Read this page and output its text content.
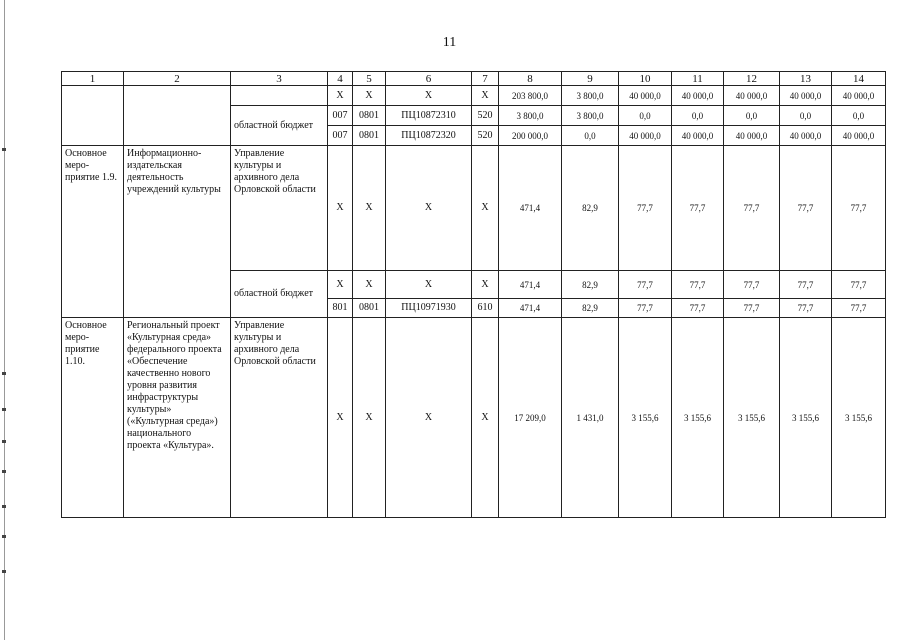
11
1	2	3	4	5	6	7	8	9	10	11	12	13	14
			Х	Х	Х	Х	203 800,0	3 800,0	40 000,0	40 000,0	40 000,0	40 000,0	40 000,0
		областной бюджет	007	0801	ПЦ10872310	520	3 800,0	3 800,0	0,0	0,0	0,0	0,0	0,0
			007	0801	ПЦ10872320	520	200 000,0	0,0	40 000,0	40 000,0	40 000,0	40 000,0	40 000,0
Основное меро-приятие 1.9.	Информационно-издательская деятельность учреждений культуры	Управление культуры и архивного дела Орловской области	Х	Х	Х	Х	471,4	82,9	77,7	77,7	77,7	77,7	77,7
		областной бюджет	Х	Х	Х	Х	471,4	82,9	77,7	77,7	77,7	77,7	77,7
			801	0801	ПЦ10971930	610	471,4	82,9	77,7	77,7	77,7	77,7	77,7
Основное меро-приятие 1.10.	Региональный проект «Культурная среда» федерального проекта «Обеспечение качественно нового уровня развития инфраструктуры культуры» («Культурная среда») национального проекта «Культура».	Управление культуры и архивного дела Орловской области	Х	Х	Х	Х	17 209,0	1 431,0	3 155,6	3 155,6	3 155,6	3 155,6	3 155,6
